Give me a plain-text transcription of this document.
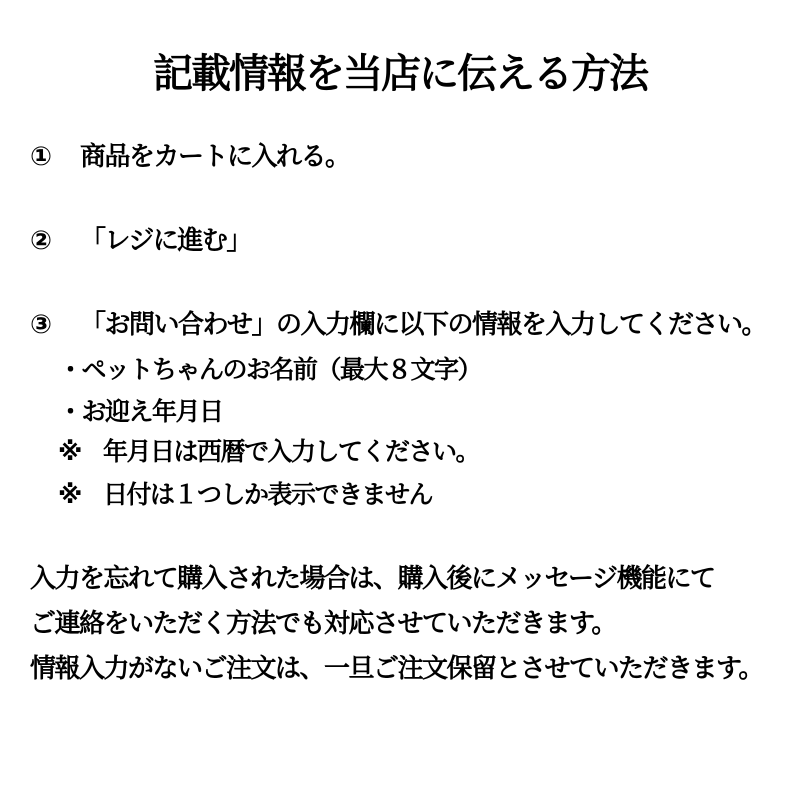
記載情報を当店に伝える方法
①	商品をカートに入れる。
②	「レジに進む」
③	「お問い合わせ」の入力欄に以下の情報を入力してください。
・ペットちゃんのお名前（最大８文字）
・お迎え年月日
※ 年月日は西暦で入力してください。
※ 日付は１つしか表示できません
入力を忘れて購入された場合は、購入後にメッセージ機能にて
ご連絡をいただく方法でも対応させていただきます。
情報入力がないご注文は、一旦ご注文保留とさせていただきます。
